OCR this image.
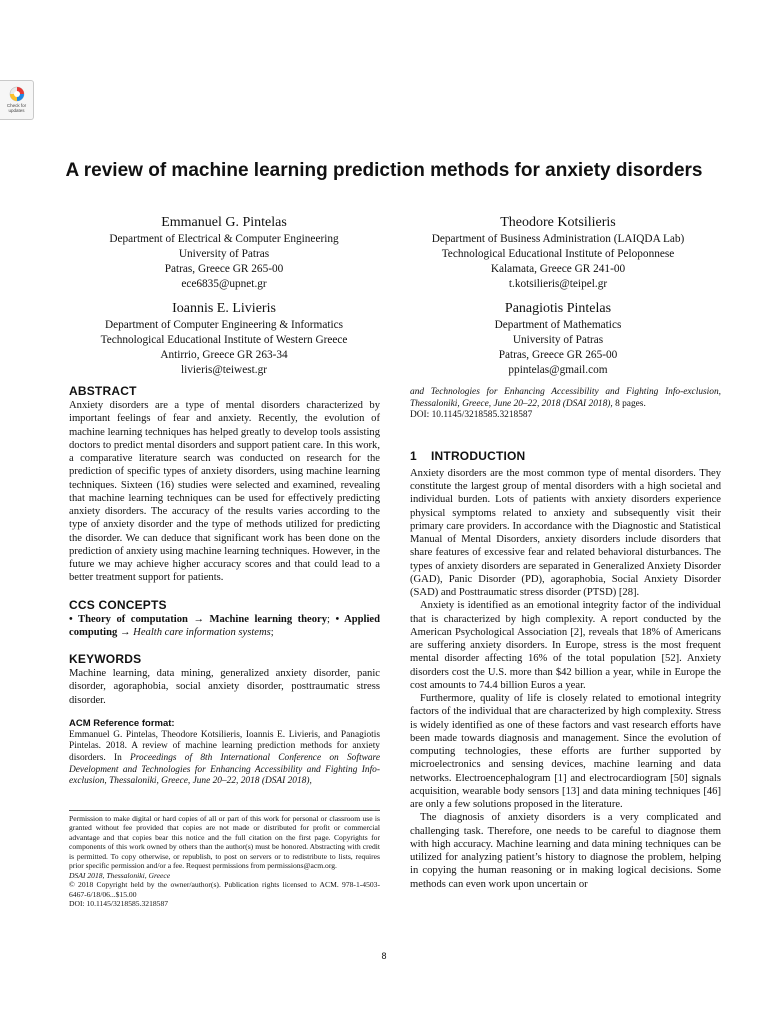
Check for
updates
A review of machine learning prediction methods for anxiety disorders
Emmanuel G. Pintelas
Department of Electrical & Computer Engineering
University of Patras
Patras, Greece GR 265-00
ece6835@upnet.gr
Theodore Kotsilieris
Department of Business Administration (LAIQDA Lab)
Technological Educational Institute of Peloponnese
Kalamata, Greece GR 241-00
t.kotsilieris@teipel.gr
Ioannis E. Livieris
Department of Computer Engineering & Informatics
Technological Educational Institute of Western Greece
Antirrio, Greece GR 263-34
livieris@teiwest.gr
Panagiotis Pintelas
Department of Mathematics
University of Patras
Patras, Greece GR 265-00
ppintelas@gmail.com
ABSTRACT

Anxiety disorders are a type of mental disorders characterized by important feelings of fear and anxiety. Recently, the evolution of machine learning techniques has helped greatly to develop tools assisting doctors to predict mental disorders and support patient care. In this work, a comparative literature search was conducted on research for the prediction of specific types of anxiety disorders, using machine learning techniques. Sixteen (16) studies were selected and examined, revealing that machine learning techniques can be used for effectively predicting anxiety disorders. The accuracy of the results varies according to the type of anxiety disorder and the type of methods utilized for predicting the disorder. We can deduce that significant work has been done on the prediction of anxiety using machine learning techniques. However, in the future we may achieve higher accuracy scores and that could lead to a better treatment support for patients.

CCS CONCEPTS

• Theory of computation → Machine learning theory; • Applied computing → Health care information systems;

KEYWORDS

Machine learning, data mining, generalized anxiety disorder, panic disorder, agoraphobia, social anxiety disorder, posttraumatic stress disorder.

ACM Reference format:

Emmanuel G. Pintelas, Theodore Kotsilieris, Ioannis E. Livieris, and Panagiotis Pintelas. 2018. A review of machine learning prediction methods for anxiety disorders. In Proceedings of 8th International Conference on Software Development and Technologies for Enhancing Accessibility and Fighting Info-exclusion, Thessaloniki, Greece, June 20–22, 2018 (DSAI 2018),

Permission to make digital or hard copies of all or part of this work for personal or classroom use is granted without fee provided that copies are not made or distributed for profit or commercial advantage and that copies bear this notice and the full citation on the first page. Copyrights for components of this work owned by others than the author(s) must be honored. Abstracting with credit is permitted. To copy otherwise, or republish, to post on servers or to redistribute to lists, requires prior specific permission and/or a fee. Request permissions from permissions@acm.org.

DSAI 2018, Thessaloniki, Greece

© 2018 Copyright held by the owner/author(s). Publication rights licensed to ACM. 978-1-4503-6467-6/18/06...$15.00

DOI: 10.1145/3218585.3218587

and Technologies for Enhancing Accessibility and Fighting Info-exclusion, Thessaloniki, Greece, June 20–22, 2018 (DSAI 2018), 8 pages.

DOI: 10.1145/3218585.3218587

1    INTRODUCTION

Anxiety disorders are the most common type of mental disorders. They constitute the largest group of mental disorders with a high societal and individual burden. Lots of patients with anxiety disorders experience physical symptoms related to anxiety and subsequently visit their primary care providers. In accordance with the Diagnostic and Statistical Manual of Mental Disorders, anxiety disorders include disorders that share features of excessive fear and related behavioral disturbances. The types of anxiety disorders are separated in Generalized Anxiety Disorder (GAD), Panic Disorder (PD), agoraphobia, Social Anxiety Disorder (SAD) and Posttraumatic stress disorder (PTSD) [28].

Anxiety is identified as an emotional integrity factor of the individual that is characterized by high complexity. A report conducted by the American Psychological Association [2], reveals that 18% of Americans are suffering anxiety disorders. In Europe, stress is the most frequent mental disorder affecting 16% of the total population [52]. Anxiety disorders cost the U.S. more than $42 billion a year, while in Europe the cost amounts to 74.4 billion Euros a year.

Furthermore, quality of life is closely related to emotional integrity factors of the individual that are characterized by high complexity. Stress is widely identified as one of these factors and vast research efforts have been made towards diagnosis and management. Since the evolution of computing technologies, these efforts are further supported by microelectronics and sensing devices, machine learning and data networks. Electroencephalogram [1] and electrocardiogram [50] signals acquisition, wearable body sensors [13] and data mining techniques [46] are only a few solutions proposed in the literature.

The diagnosis of anxiety disorders is a very complicated and challenging task. Therefore, one needs to be careful to diagnose them with high accuracy. Machine learning and data mining techniques can be utilized for analyzing patient’s history to diagnose the problem, helping in copying the human reasoning or in making logical decisions. Some methods can even work upon uncertain or

8
